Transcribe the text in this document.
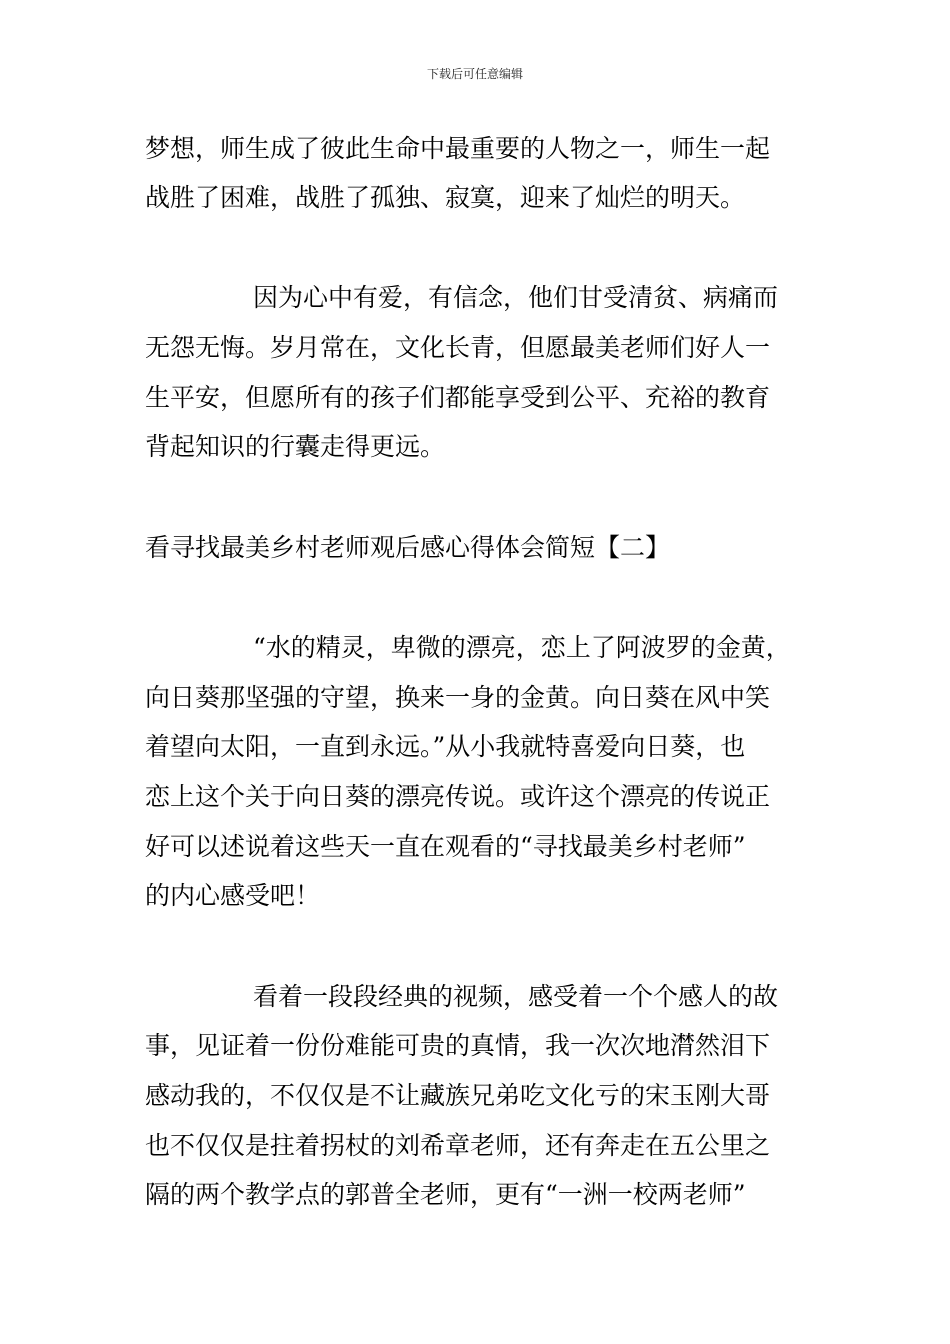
下载后可任意编辑
梦想，师生成了彼此生命中最重要的人物之一，师生一起
战胜了困难，战胜了孤独、寂寞，迎来了灿烂的明天。
因为心中有爱，有信念，他们甘受清贫、病痛而
无怨无悔。岁月常在，文化长青，但愿最美老师们好人一
生平安，但愿所有的孩子们都能享受到公平、充裕的教育
背起知识的行囊走得更远。
看寻找最美乡村老师观后感心得体会简短【二】
“水的精灵，卑微的漂亮，恋上了阿波罗的金黄，
向日葵那坚强的守望，换来一身的金黄。向日葵在风中笑
着望向太阳，一直到永远。”从小我就特喜爱向日葵，也
恋上这个关于向日葵的漂亮传说。或许这个漂亮的传说正
好可以述说着这些天一直在观看的“寻找最美乡村老师”
的内心感受吧！
看着一段段经典的视频，感受着一个个感人的故
事，见证着一份份难能可贵的真情，我一次次地潸然泪下
感动我的，不仅仅是不让藏族兄弟吃文化亏的宋玉刚大哥
也不仅仅是拄着拐杖的刘希章老师，还有奔走在五公里之
隔的两个教学点的郭普全老师，更有“一洲一校两老师”
